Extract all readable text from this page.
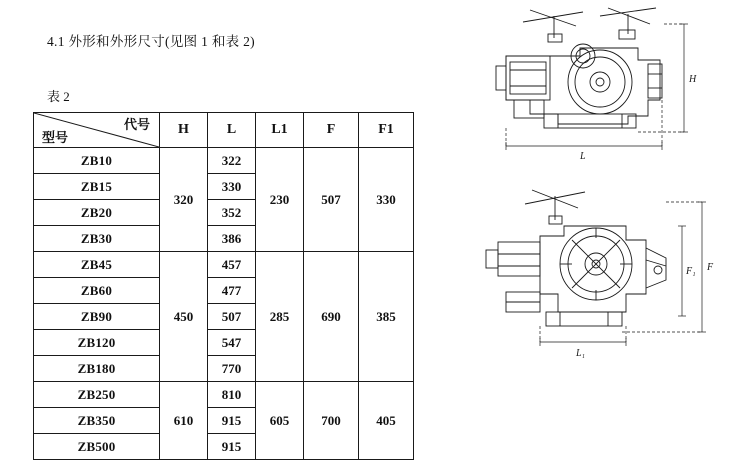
4.1 外形和外形尺寸(见图 1 和表 2)
表 2
型号
代号	H	L	L1	F	F1
ZB10	320	322	230	507	330
ZB15		330			
ZB20		352			
ZB30		386			
ZB45	450	457	285	690	385
ZB60		477			
ZB90		507			
ZB120		547			
ZB180		770			
ZB250	610	810	605	700	405
ZB350		915			
ZB500		915			
H
L
F
F₁
L₁
